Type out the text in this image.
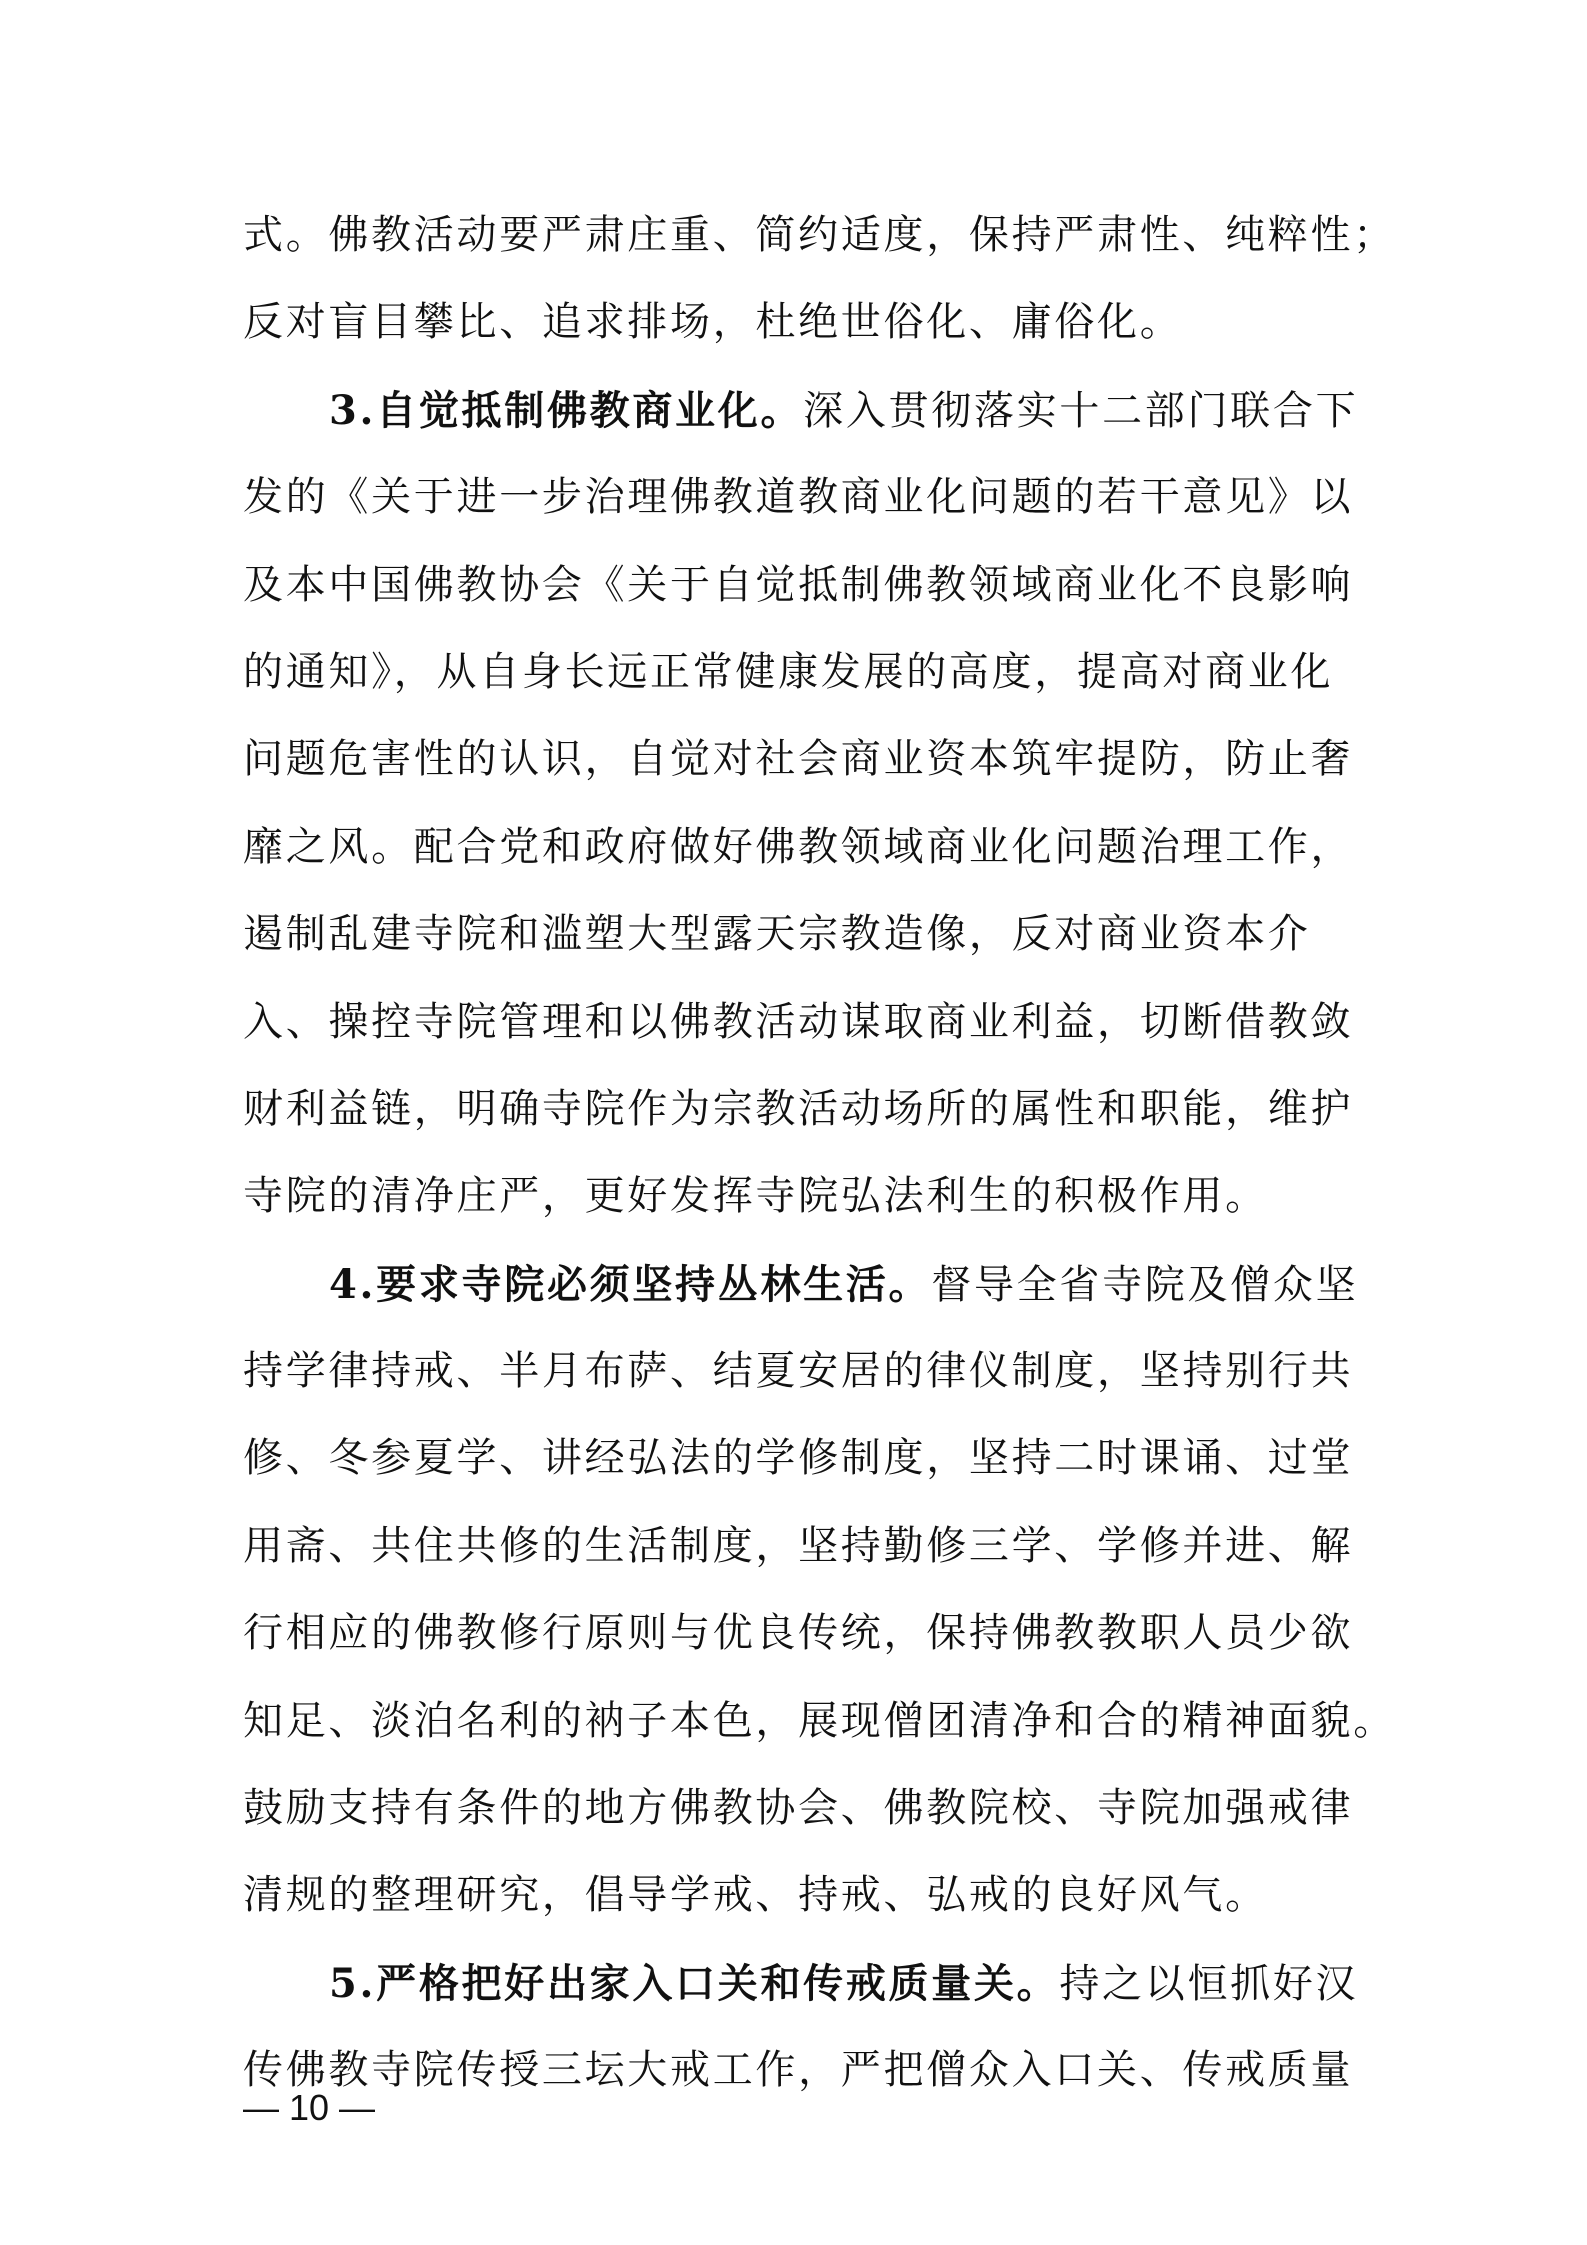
式。佛教活动要严肃庄重、简约适度，保持严肃性、纯粹性；
反对盲目攀比、追求排场，杜绝世俗化、庸俗化。
3.自觉抵制佛教商业化。深入贯彻落实十二部门联合下
发的《关于进一步治理佛教道教商业化问题的若干意见》以
及本中国佛教协会《关于自觉抵制佛教领域商业化不良影响
的通知》，从自身长远正常健康发展的高度，提高对商业化
问题危害性的认识，自觉对社会商业资本筑牢提防，防止奢
靡之风。配合党和政府做好佛教领域商业化问题治理工作，
遏制乱建寺院和滥塑大型露天宗教造像，反对商业资本介
入、操控寺院管理和以佛教活动谋取商业利益，切断借教敛
财利益链，明确寺院作为宗教活动场所的属性和职能，维护
寺院的清净庄严，更好发挥寺院弘法利生的积极作用。
4.要求寺院必须坚持丛林生活。督导全省寺院及僧众坚
持学律持戒、半月布萨、结夏安居的律仪制度，坚持别行共
修、冬参夏学、讲经弘法的学修制度，坚持二时课诵、过堂
用斋、共住共修的生活制度，坚持勤修三学、学修并进、解
行相应的佛教修行原则与优良传统，保持佛教教职人员少欲
知足、淡泊名利的衲子本色，展现僧团清净和合的精神面貌。
鼓励支持有条件的地方佛教协会、佛教院校、寺院加强戒律
清规的整理研究，倡导学戒、持戒、弘戒的良好风气。
5.严格把好出家入口关和传戒质量关。持之以恒抓好汉
传佛教寺院传授三坛大戒工作，严把僧众入口关、传戒质量
— 10 —
